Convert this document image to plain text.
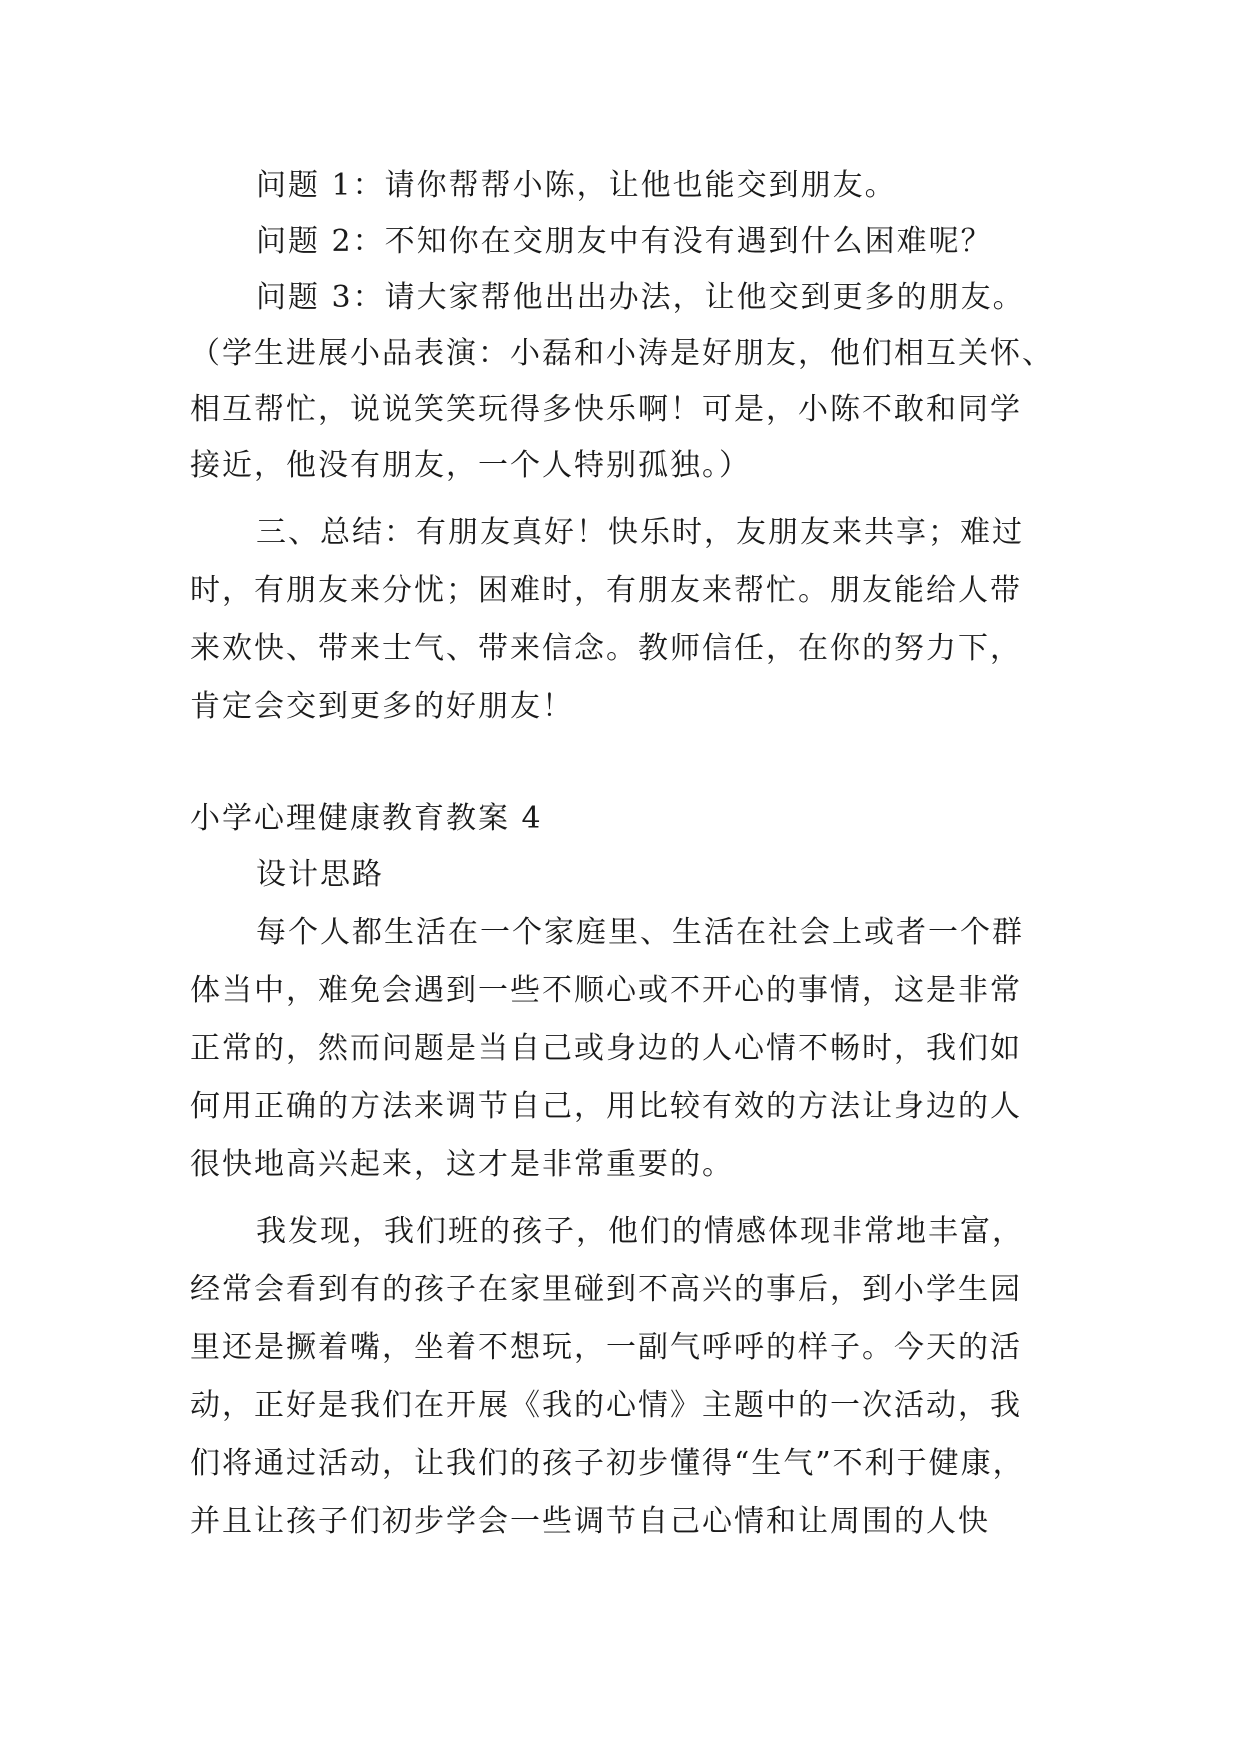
问题 1：请你帮帮小陈，让他也能交到朋友。
问题 2：不知你在交朋友中有没有遇到什么困难呢？
问题 3：请大家帮他出出办法，让他交到更多的朋友。
（学生进展小品表演：小磊和小涛是好朋友，他们相互关怀、
相互帮忙，说说笑笑玩得多快乐啊！可是，小陈不敢和同学
接近，他没有朋友，一个人特别孤独。）
三、总结：有朋友真好！快乐时，友朋友来共享；难过
时，有朋友来分忧；困难时，有朋友来帮忙。朋友能给人带
来欢快、带来士气、带来信念。教师信任，在你的努力下，
肯定会交到更多的好朋友！
小学心理健康教育教案 4
设计思路
每个人都生活在一个家庭里、生活在社会上或者一个群
体当中，难免会遇到一些不顺心或不开心的事情，这是非常
正常的，然而问题是当自己或身边的人心情不畅时，我们如
何用正确的方法来调节自己，用比较有效的方法让身边的人
很快地高兴起来，这才是非常重要的。
我发现，我们班的孩子，他们的情感体现非常地丰富，
经常会看到有的孩子在家里碰到不高兴的事后，到小学生园
里还是撅着嘴，坐着不想玩，一副气呼呼的样子。今天的活
动，正好是我们在开展《我的心情》主题中的一次活动，我
们将通过活动，让我们的孩子初步懂得“生气”不利于健康，
并且让孩子们初步学会一些调节自己心情和让周围的人快
